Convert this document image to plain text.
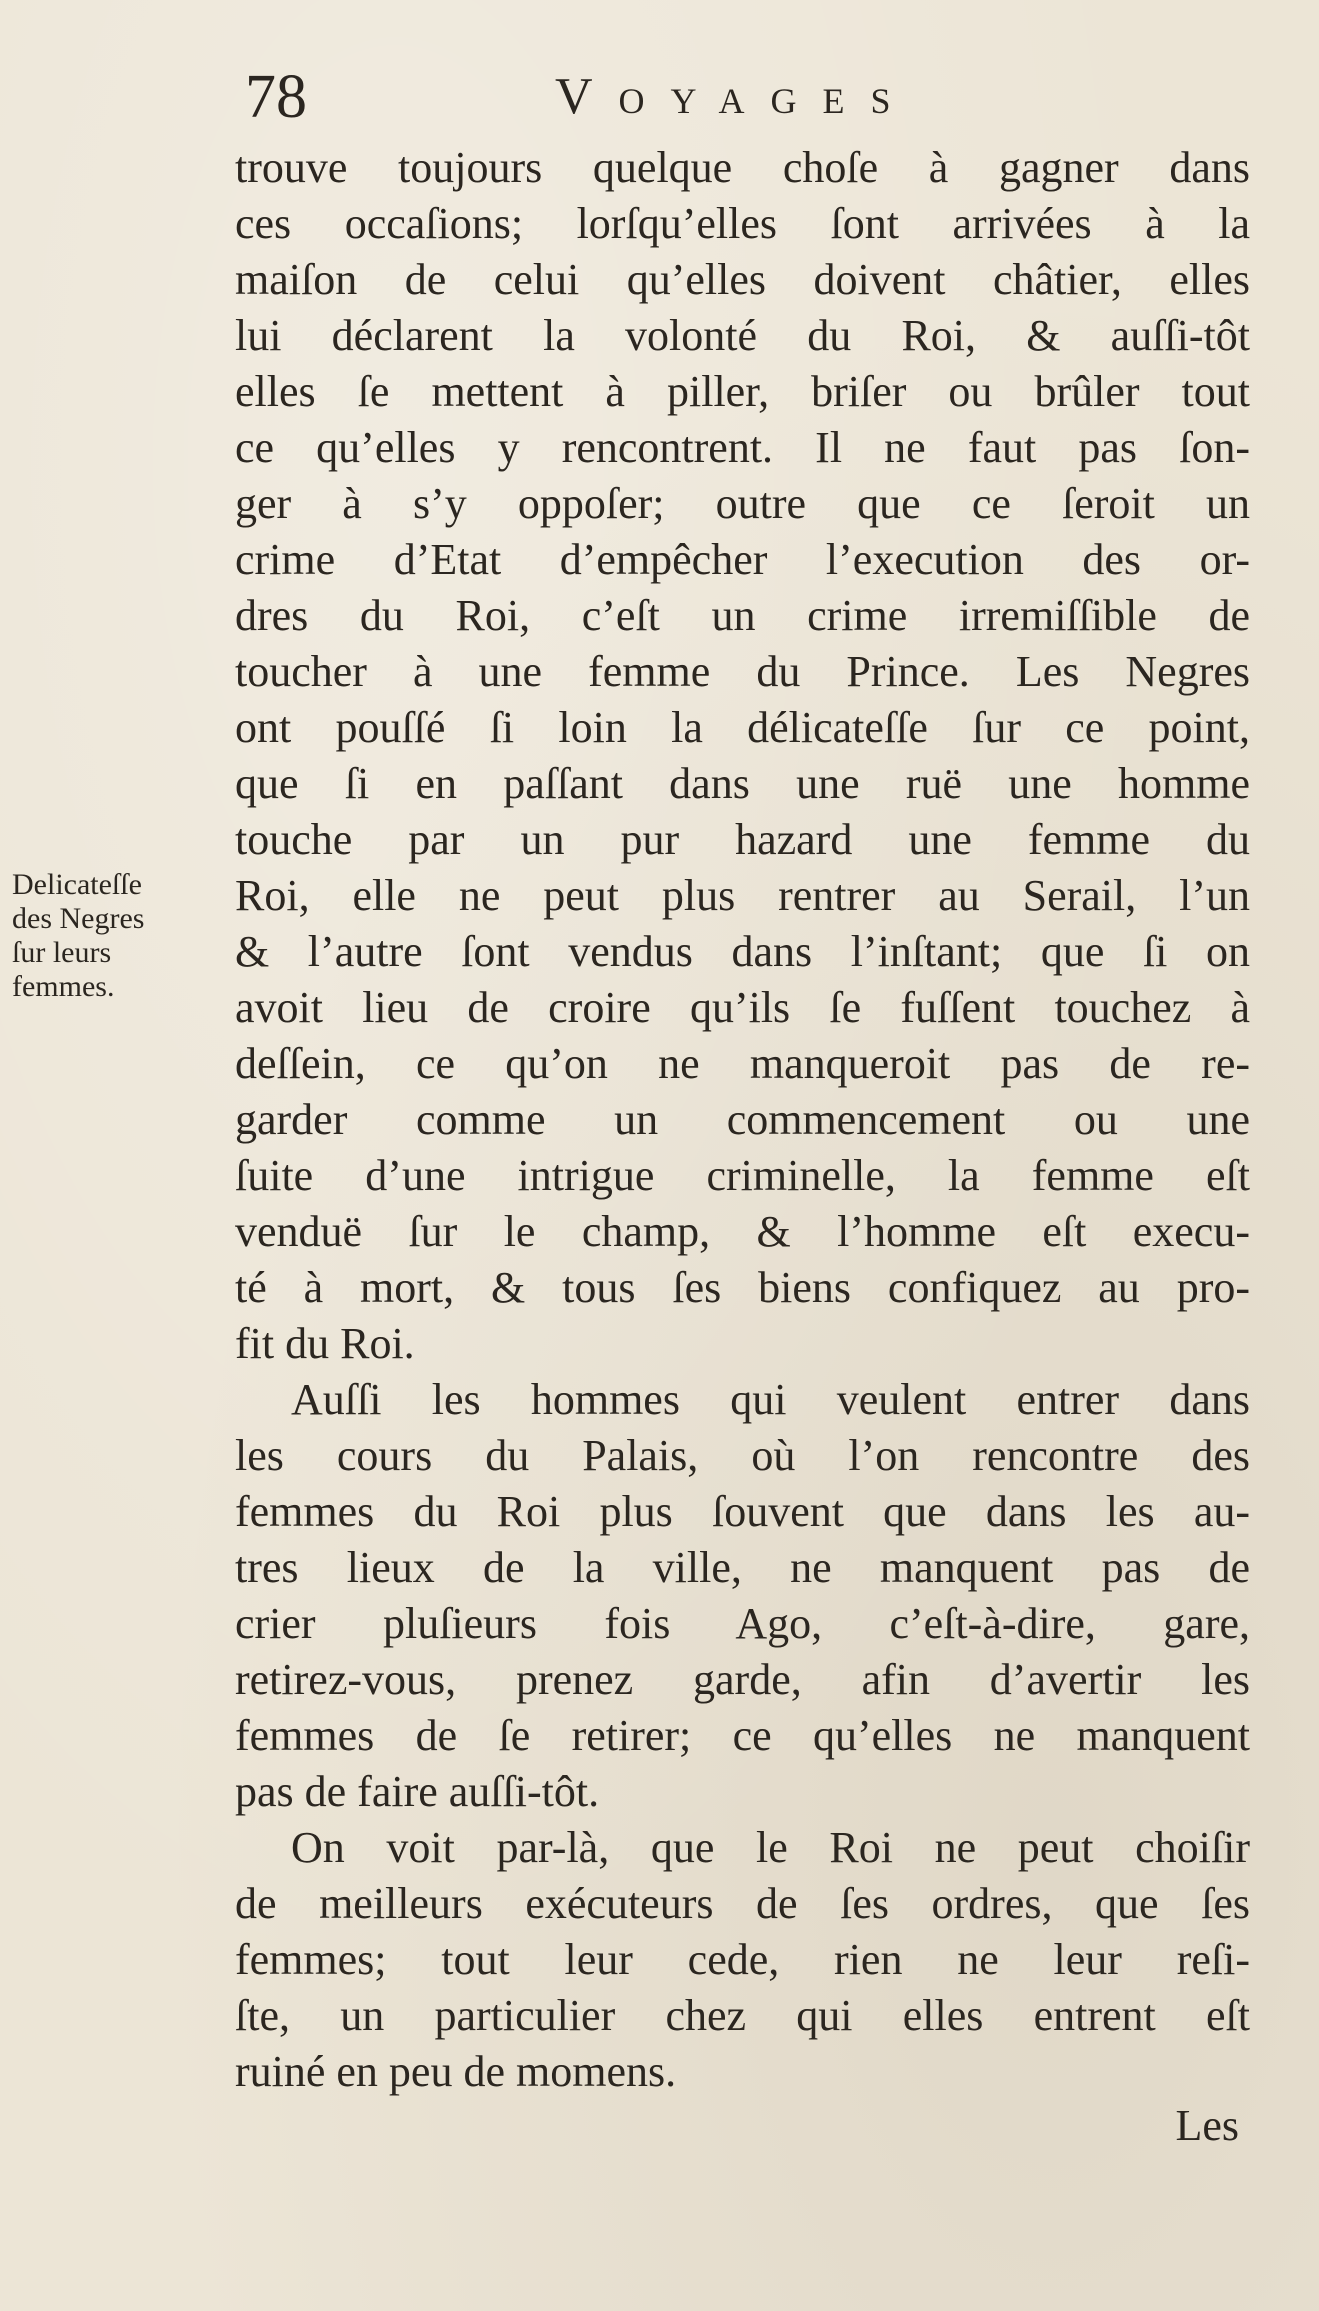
78	Voyages
Delicateſſe
des Negres
ſur leurs
femmes.
trouve toujours quelque choſe à gagner dans
ces occaſions; lorſqu’elles ſont arrivées à la
maiſon de celui qu’elles doivent châtier, elles
lui déclarent la volonté du Roi, & auſſi-tôt
elles ſe mettent à piller, briſer ou brûler tout
ce qu’elles y rencontrent. Il ne faut pas ſon-
ger à s’y oppoſer; outre que ce ſeroit un
crime d’Etat d’empêcher l’execution des or-
dres du Roi, c’eſt un crime irremiſſible de
toucher à une femme du Prince. Les Negres
ont pouſſé ſi loin la délicateſſe ſur ce point,
que ſi en paſſant dans une ruë une homme
touche par un pur hazard une femme du
Roi, elle ne peut plus rentrer au Serail, l’un
& l’autre ſont vendus dans l’inſtant; que ſi on
avoit lieu de croire qu’ils ſe fuſſent touchez à
deſſein, ce qu’on ne manqueroit pas de re-
garder comme un commencement ou une
ſuite d’une intrigue criminelle, la femme eſt
venduë ſur le champ, & l’homme eſt execu-
té à mort, & tous ſes biens confiquez au pro-
fit du Roi.
Auſſi les hommes qui veulent entrer dans
les cours du Palais, où l’on rencontre des
femmes du Roi plus ſouvent que dans les au-
tres lieux de la ville, ne manquent pas de
crier pluſieurs fois Ago, c’eſt-à-dire, gare,
retirez-vous, prenez garde, afin d’avertir les
femmes de ſe retirer; ce qu’elles ne manquent
pas de faire auſſi-tôt.
On voit par-là, que le Roi ne peut choiſir
de meilleurs exécuteurs de ſes ordres, que ſes
femmes; tout leur cede, rien ne leur reſi-
ſte, un particulier chez qui elles entrent eſt
ruiné en peu de momens.
Les
